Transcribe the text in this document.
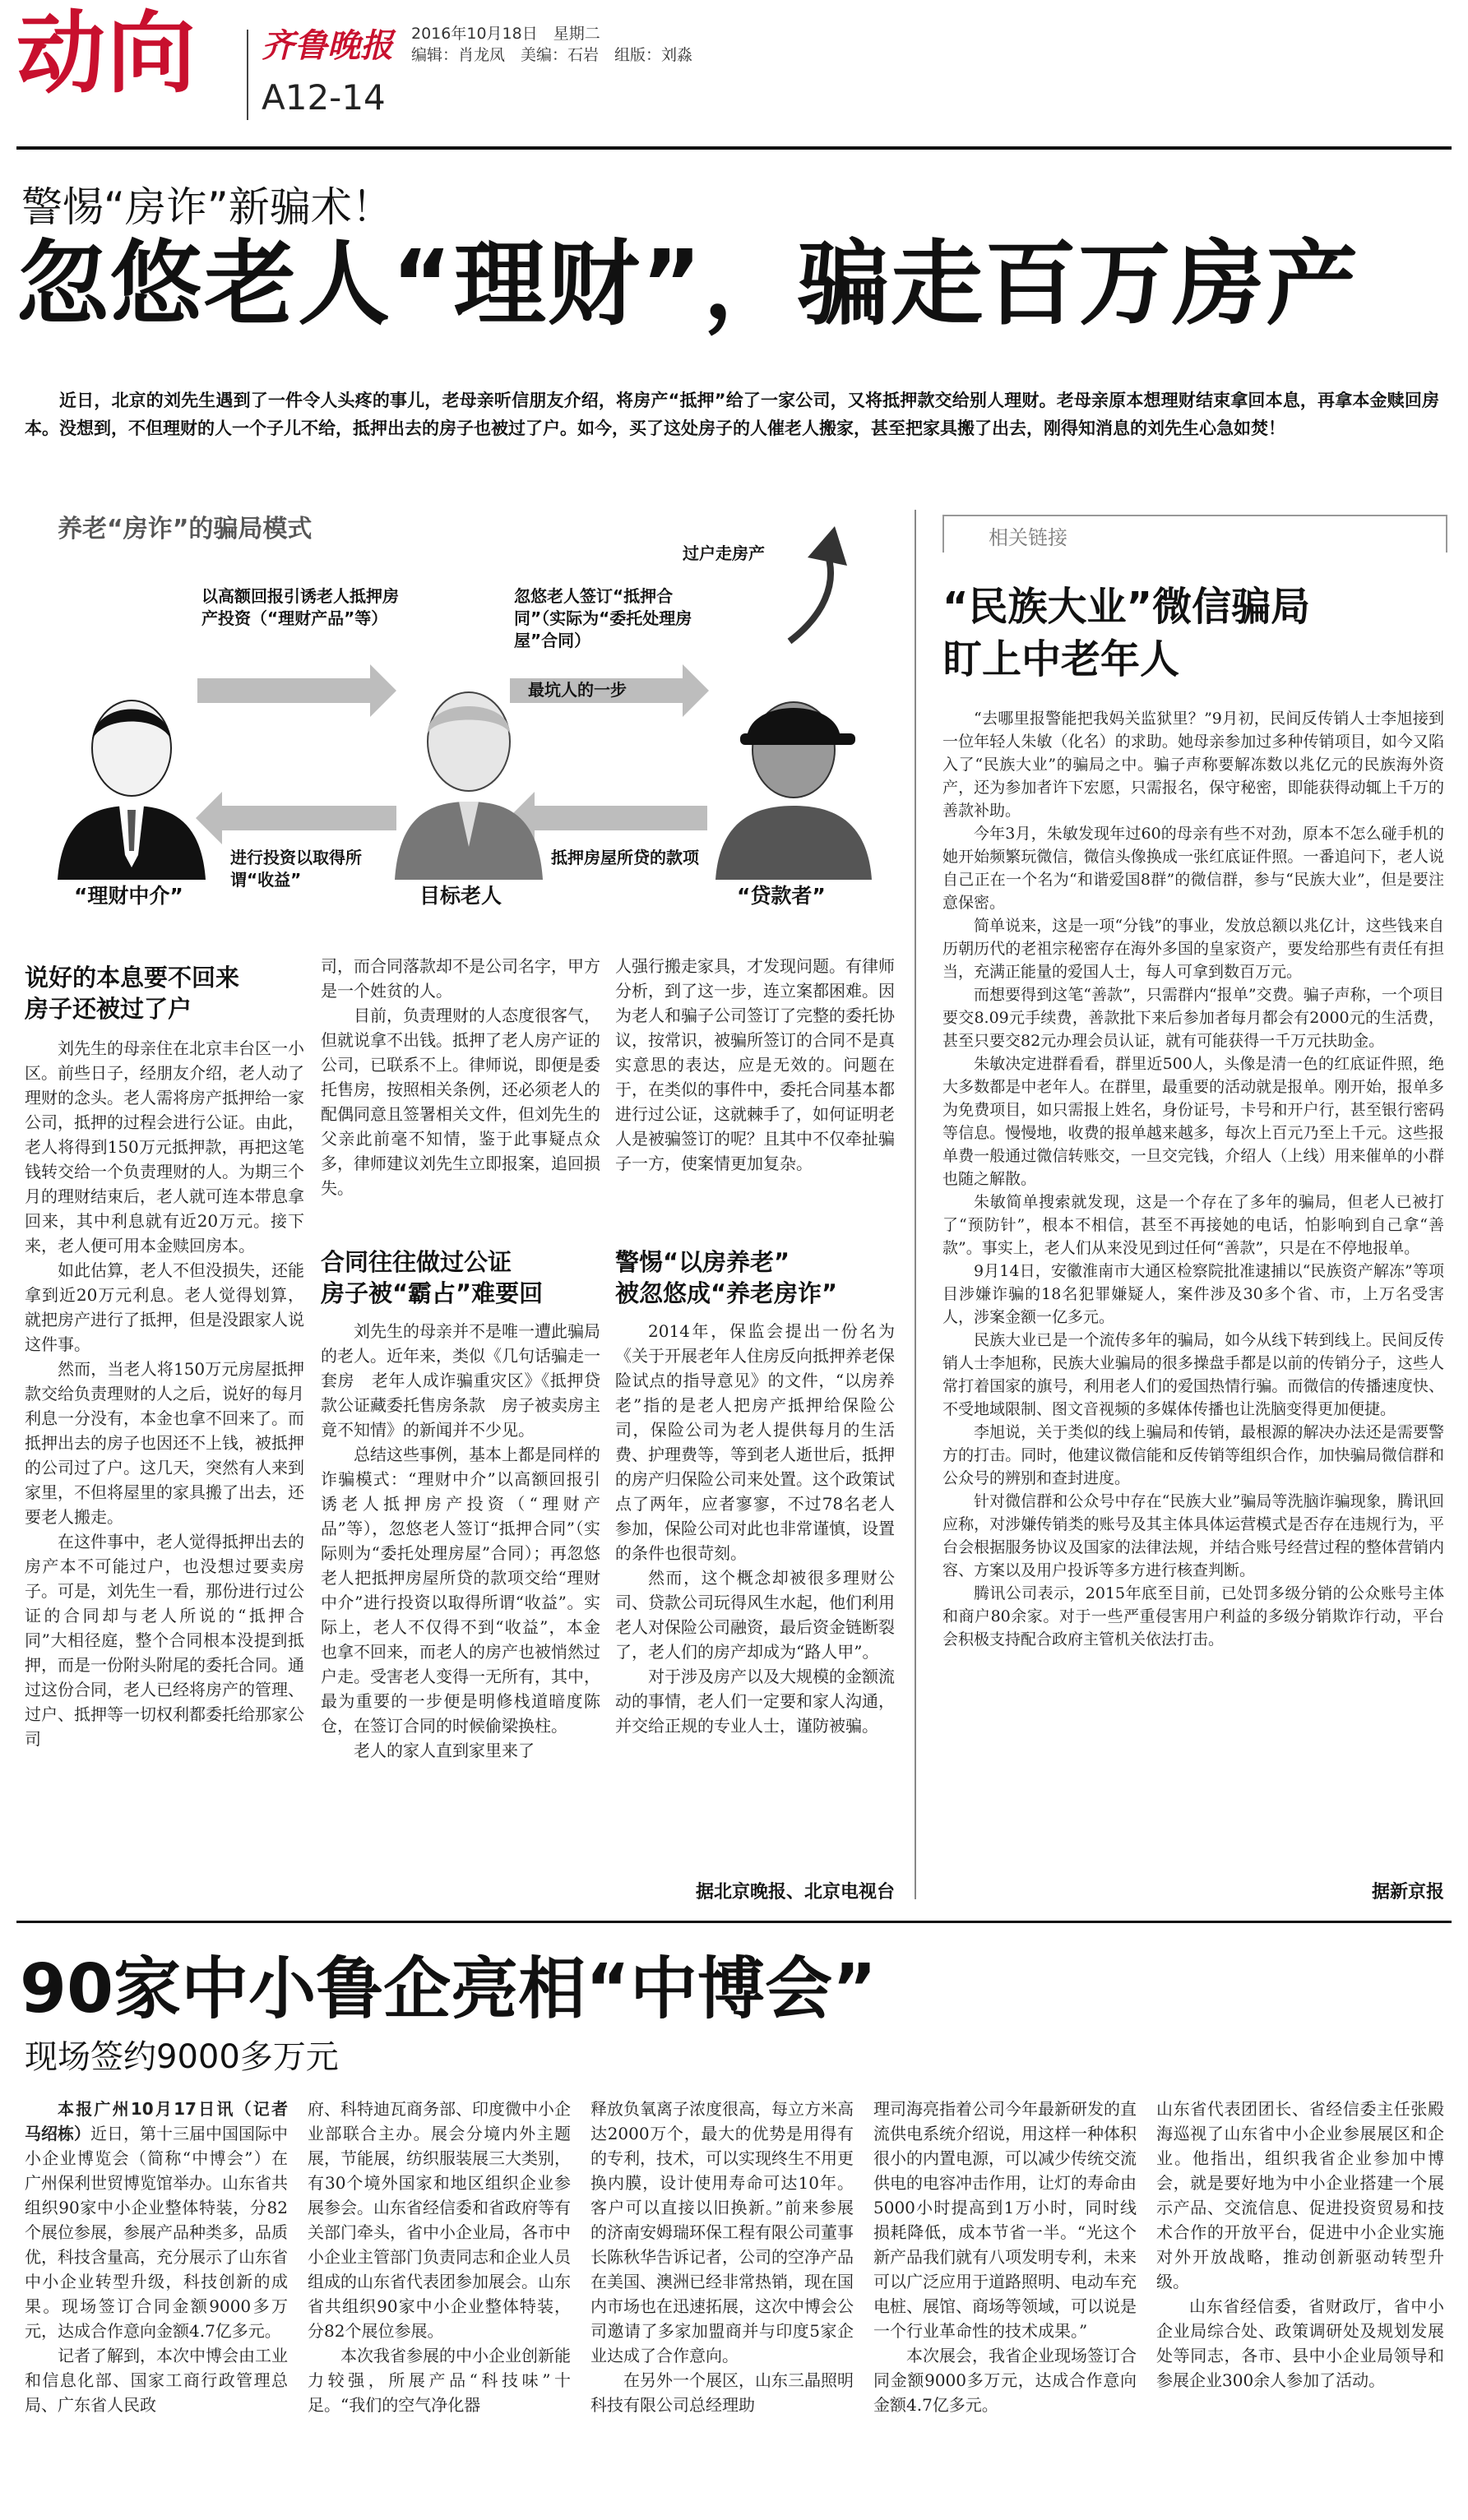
动向 齐鲁晚报 2016年10月18日　星期二
编辑：肖龙凤　美编：石岩　组版：刘淼
A12-14
警惕“房诈”新骗术！
忽悠老人“理财”，骗走百万房产
近日，北京的刘先生遇到了一件令人头疼的事儿，老母亲听信朋友介绍，将房产“抵押”给了一家公司，又将抵押款交给别人理财。老母亲原本想理财结束拿回本息，再拿本金赎回房本。没想到，不但理财的人一个子儿不给，抵押出去的房子也被过了户。如今，买了这处房子的人催老人搬家，甚至把家具搬了出去，刚得知消息的刘先生心急如焚！
养老“房诈”的骗局模式
以高额回报引诱老人抵押房产投资（“理财产品”等）
忽悠老人签订“抵押合同”（实际为“委托处理房屋”合同）
过户走房产
最坑人的一步
进行投资以取得所谓“收益”
抵押房屋所贷的款项
“理财中介”	目标老人	“贷款者”
说好的本息要不回来
房子还被过了户

刘先生的母亲住在北京丰台区一小区。前些日子，经朋友介绍，老人动了理财的念头。老人需将房产抵押给一家公司，抵押的过程会进行公证。由此，老人将得到150万元抵押款，再把这笔钱转交给一个负责理财的人。为期三个月的理财结束后，老人就可连本带息拿回来，其中利息就有近20万元。接下来，老人便可用本金赎回房本。

如此估算，老人不但没损失，还能拿到近20万元利息。老人觉得划算，就把房产进行了抵押，但是没跟家人说这件事。

然而，当老人将150万元房屋抵押款交给负责理财的人之后，说好的每月利息一分没有，本金也拿不回来了。而抵押出去的房子也因还不上钱，被抵押的公司过了户。这几天，突然有人来到家里，不但将屋里的家具搬了出去，还要老人搬走。

在这件事中，老人觉得抵押出去的房产本不可能过户，也没想过要卖房子。可是，刘先生一看，那份进行过公证的合同却与老人所说的“抵押合同”大相径庭，整个合同根本没提到抵押，而是一份附头附尾的委托合同。通过这份合同，老人已经将房产的管理、过户、抵押等一切权利都委托给那家公司

司，而合同落款却不是公司名字，甲方是一个姓贫的人。

目前，负责理财的人态度很客气，但就说拿不出钱。抵押了老人房产证的公司，已联系不上。律师说，即便是委托售房，按照相关条例，还必须老人的配偶同意且签署相关文件，但刘先生的父亲此前毫不知情，鉴于此事疑点众多，律师建议刘先生立即报案，追回损失。

合同往往做过公证
房子被“霸占”难要回

刘先生的母亲并不是唯一遭此骗局的老人。近年来，类似《几句话骗走一套房　老年人成诈骗重灾区》《抵押贷款公证藏委托售房条款　房子被卖房主竟不知情》的新闻并不少见。

总结这些事例，基本上都是同样的诈骗模式：“理财中介”以高额回报引诱老人抵押房产投资（“理财产品”等），忽悠老人签订“抵押合同”（实际则为“委托处理房屋”合同）；再忽悠老人把抵押房屋所贷的款项交给“理财中介”进行投资以取得所谓“收益”。实际上，老人不仅得不到“收益”，本金也拿不回来，而老人的房产也被悄然过户走。受害老人变得一无所有，其中，最为重要的一步便是明修栈道暗度陈仓，在签订合同的时候偷梁换柱。

老人的家人直到家里来了

人强行搬走家具，才发现问题。有律师分析，到了这一步，连立案都困难。因为老人和骗子公司签订了完整的委托协议，按常识，被骗所签订的合同不是真实意思的表达，应是无效的。问题在于，在类似的事件中，委托合同基本都进行过公证，这就棘手了，如何证明老人是被骗签订的呢？且其中不仅牵扯骗子一方，使案情更加复杂。

警惕“以房养老”
被忽悠成“养老房诈”

2014年，保监会提出一份名为《关于开展老年人住房反向抵押养老保险试点的指导意见》的文件，“以房养老”指的是老人把房产抵押给保险公司，保险公司为老人提供每月的生活费、护理费等，等到老人逝世后，抵押的房产归保险公司来处置。这个政策试点了两年，应者寥寥，不过78名老人参加，保险公司对此也非常谨慎，设置的条件也很苛刻。

然而，这个概念却被很多理财公司、贷款公司玩得风生水起，他们利用老人对保险公司融资，最后资金链断裂了，老人们的房产却成为“路人甲”。

对于涉及房产以及大规模的金额流动的事情，老人们一定要和家人沟通，并交给正规的专业人士，谨防被骗。

据北京晚报、北京电视台
相关链接
“民族大业”微信骗局
盯上中老年人

“去哪里报警能把我妈关监狱里？”9月初，民间反传销人士李旭接到一位年轻人朱敏（化名）的求助。她母亲参加过多种传销项目，如今又陷入了“民族大业”的骗局之中。骗子声称要解冻数以兆亿元的民族海外资产，还为参加者许下宏愿，只需报名，保守秘密，即能获得动辄上千万的善款补助。

今年3月，朱敏发现年过60的母亲有些不对劲，原本不怎么碰手机的她开始频繁玩微信，微信头像换成一张红底证件照。一番追问下，老人说自己正在一个名为“和谐爱国8群”的微信群，参与“民族大业”，但是要注意保密。

简单说来，这是一项“分钱”的事业，发放总额以兆亿计，这些钱来自历朝历代的老祖宗秘密存在海外多国的皇家资产，要发给那些有责任有担当，充满正能量的爱国人士，每人可拿到数百万元。

而想要得到这笔“善款”，只需群内“报单”交费。骗子声称，一个项目要交8.09元手续费，善款批下来后参加者每月都会有2000元的生活费，甚至只要交82元办理会员认证，就有可能获得一千万元扶助金。

朱敏决定进群看看，群里近500人，头像是清一色的红底证件照，绝大多数都是中老年人。在群里，最重要的活动就是报单。刚开始，报单多为免费项目，如只需报上姓名，身份证号，卡号和开户行，甚至银行密码等信息。慢慢地，收费的报单越来越多，每次上百元乃至上千元。这些报单费一般通过微信转账交，一旦交完钱，介绍人（上线）用来催单的小群也随之解散。

朱敏简单搜索就发现，这是一个存在了多年的骗局，但老人已被打了“预防针”，根本不相信，甚至不再接她的电话，怕影响到自己拿“善款”。事实上，老人们从来没见到过任何“善款”，只是在不停地报单。

9月14日，安徽淮南市大通区检察院批准逮捕以“民族资产解冻”等项目涉嫌诈骗的18名犯罪嫌疑人，案件涉及30多个省、市，上万名受害人，涉案金额一亿多元。

民族大业已是一个流传多年的骗局，如今从线下转到线上。民间反传销人士李旭称，民族大业骗局的很多操盘手都是以前的传销分子，这些人常打着国家的旗号，利用老人们的爱国热情行骗。而微信的传播速度快、不受地域限制、图文音视频的多媒体传播也让洗脑变得更加便捷。

李旭说，关于类似的线上骗局和传销，最根源的解决办法还是需要警方的打击。同时，他建议微信能和反传销等组织合作，加快骗局微信群和公众号的辨别和查封进度。

针对微信群和公众号中存在“民族大业”骗局等洗脑诈骗现象，腾讯回应称，对涉嫌传销类的账号及其主体具体运营模式是否存在违规行为，平台会根据服务协议及国家的法律法规，并结合账号经营过程的整体营销内容、方案以及用户投诉等多方进行核查判断。

腾讯公司表示，2015年底至目前，已处罚多级分销的公众账号主体和商户80余家。对于一些严重侵害用户利益的多级分销欺诈行动，平台会积极支持配合政府主管机关依法打击。

据新京报
90家中小鲁企亮相“中博会”
现场签约9000多万元

本报广州10月17日讯（记者　马绍栋）近日，第十三届中国国际中小企业博览会（简称“中博会”）在广州保利世贸博览馆举办。山东省共组织90家中小企业整体特装，分82个展位参展，参展产品种类多，品质优，科技含量高，充分展示了山东省中小企业转型升级，科技创新的成果。现场签订合同金额9000多万元，达成合作意向金额4.7亿多元。

记者了解到，本次中博会由工业和信息化部、国家工商行政管理总局、广东省人民政

府、科特迪瓦商务部、印度微中小企业部联合主办。展会分境内外主题展，节能展，纺织服装展三大类别，有30个境外国家和地区组织企业参展参会。山东省经信委和省政府等有关部门牵头，省中小企业局，各市中小企业主管部门负责同志和企业人员组成的山东省代表团参加展会。山东省共组织90家中小企业整体特装，分82个展位参展。

本次我省参展的中小企业创新能力较强，所展产品“科技味”十足。“我们的空气净化器

释放负氧离子浓度很高，每立方米高达2000万个，最大的优势是用得有的专利，技术，可以实现终生不用更换内膜，设计使用寿命可达10年。客户可以直接以旧换新。”前来参展的济南安姆瑞环保工程有限公司董事长陈秋华告诉记者，公司的空净产品在美国、澳洲已经非常热销，现在国内市场也在迅速拓展，这次中博会公司邀请了多家加盟商并与印度5家企业达成了合作意向。

在另外一个展区，山东三晶照明科技有限公司总经理助

理司海亮指着公司今年最新研发的直流供电系统介绍说，用这样一种体积很小的内置电源，可以减少传统交流供电的电容冲击作用，让灯的寿命由5000小时提高到1万小时，同时线损耗降低，成本节省一半。“光这个新产品我们就有八项发明专利，未来可以广泛应用于道路照明、电动车充电桩、展馆、商场等领域，可以说是一个行业革命性的技术成果。”

本次展会，我省企业现场签订合同金额9000多万元，达成合作意向金额4.7亿多元。

山东省代表团团长、省经信委主任张殿海巡视了山东省中小企业参展展区和企业。他指出，组织我省企业参加中博会，就是要好地为中小企业搭建一个展示产品、交流信息、促进投资贸易和技术合作的开放平台，促进中小企业实施对外开放战略，推动创新驱动转型升级。

山东省经信委，省财政厅，省中小企业局综合处、政策调研处及规划发展处等同志，各市、县中小企业局领导和参展企业300余人参加了活动。
